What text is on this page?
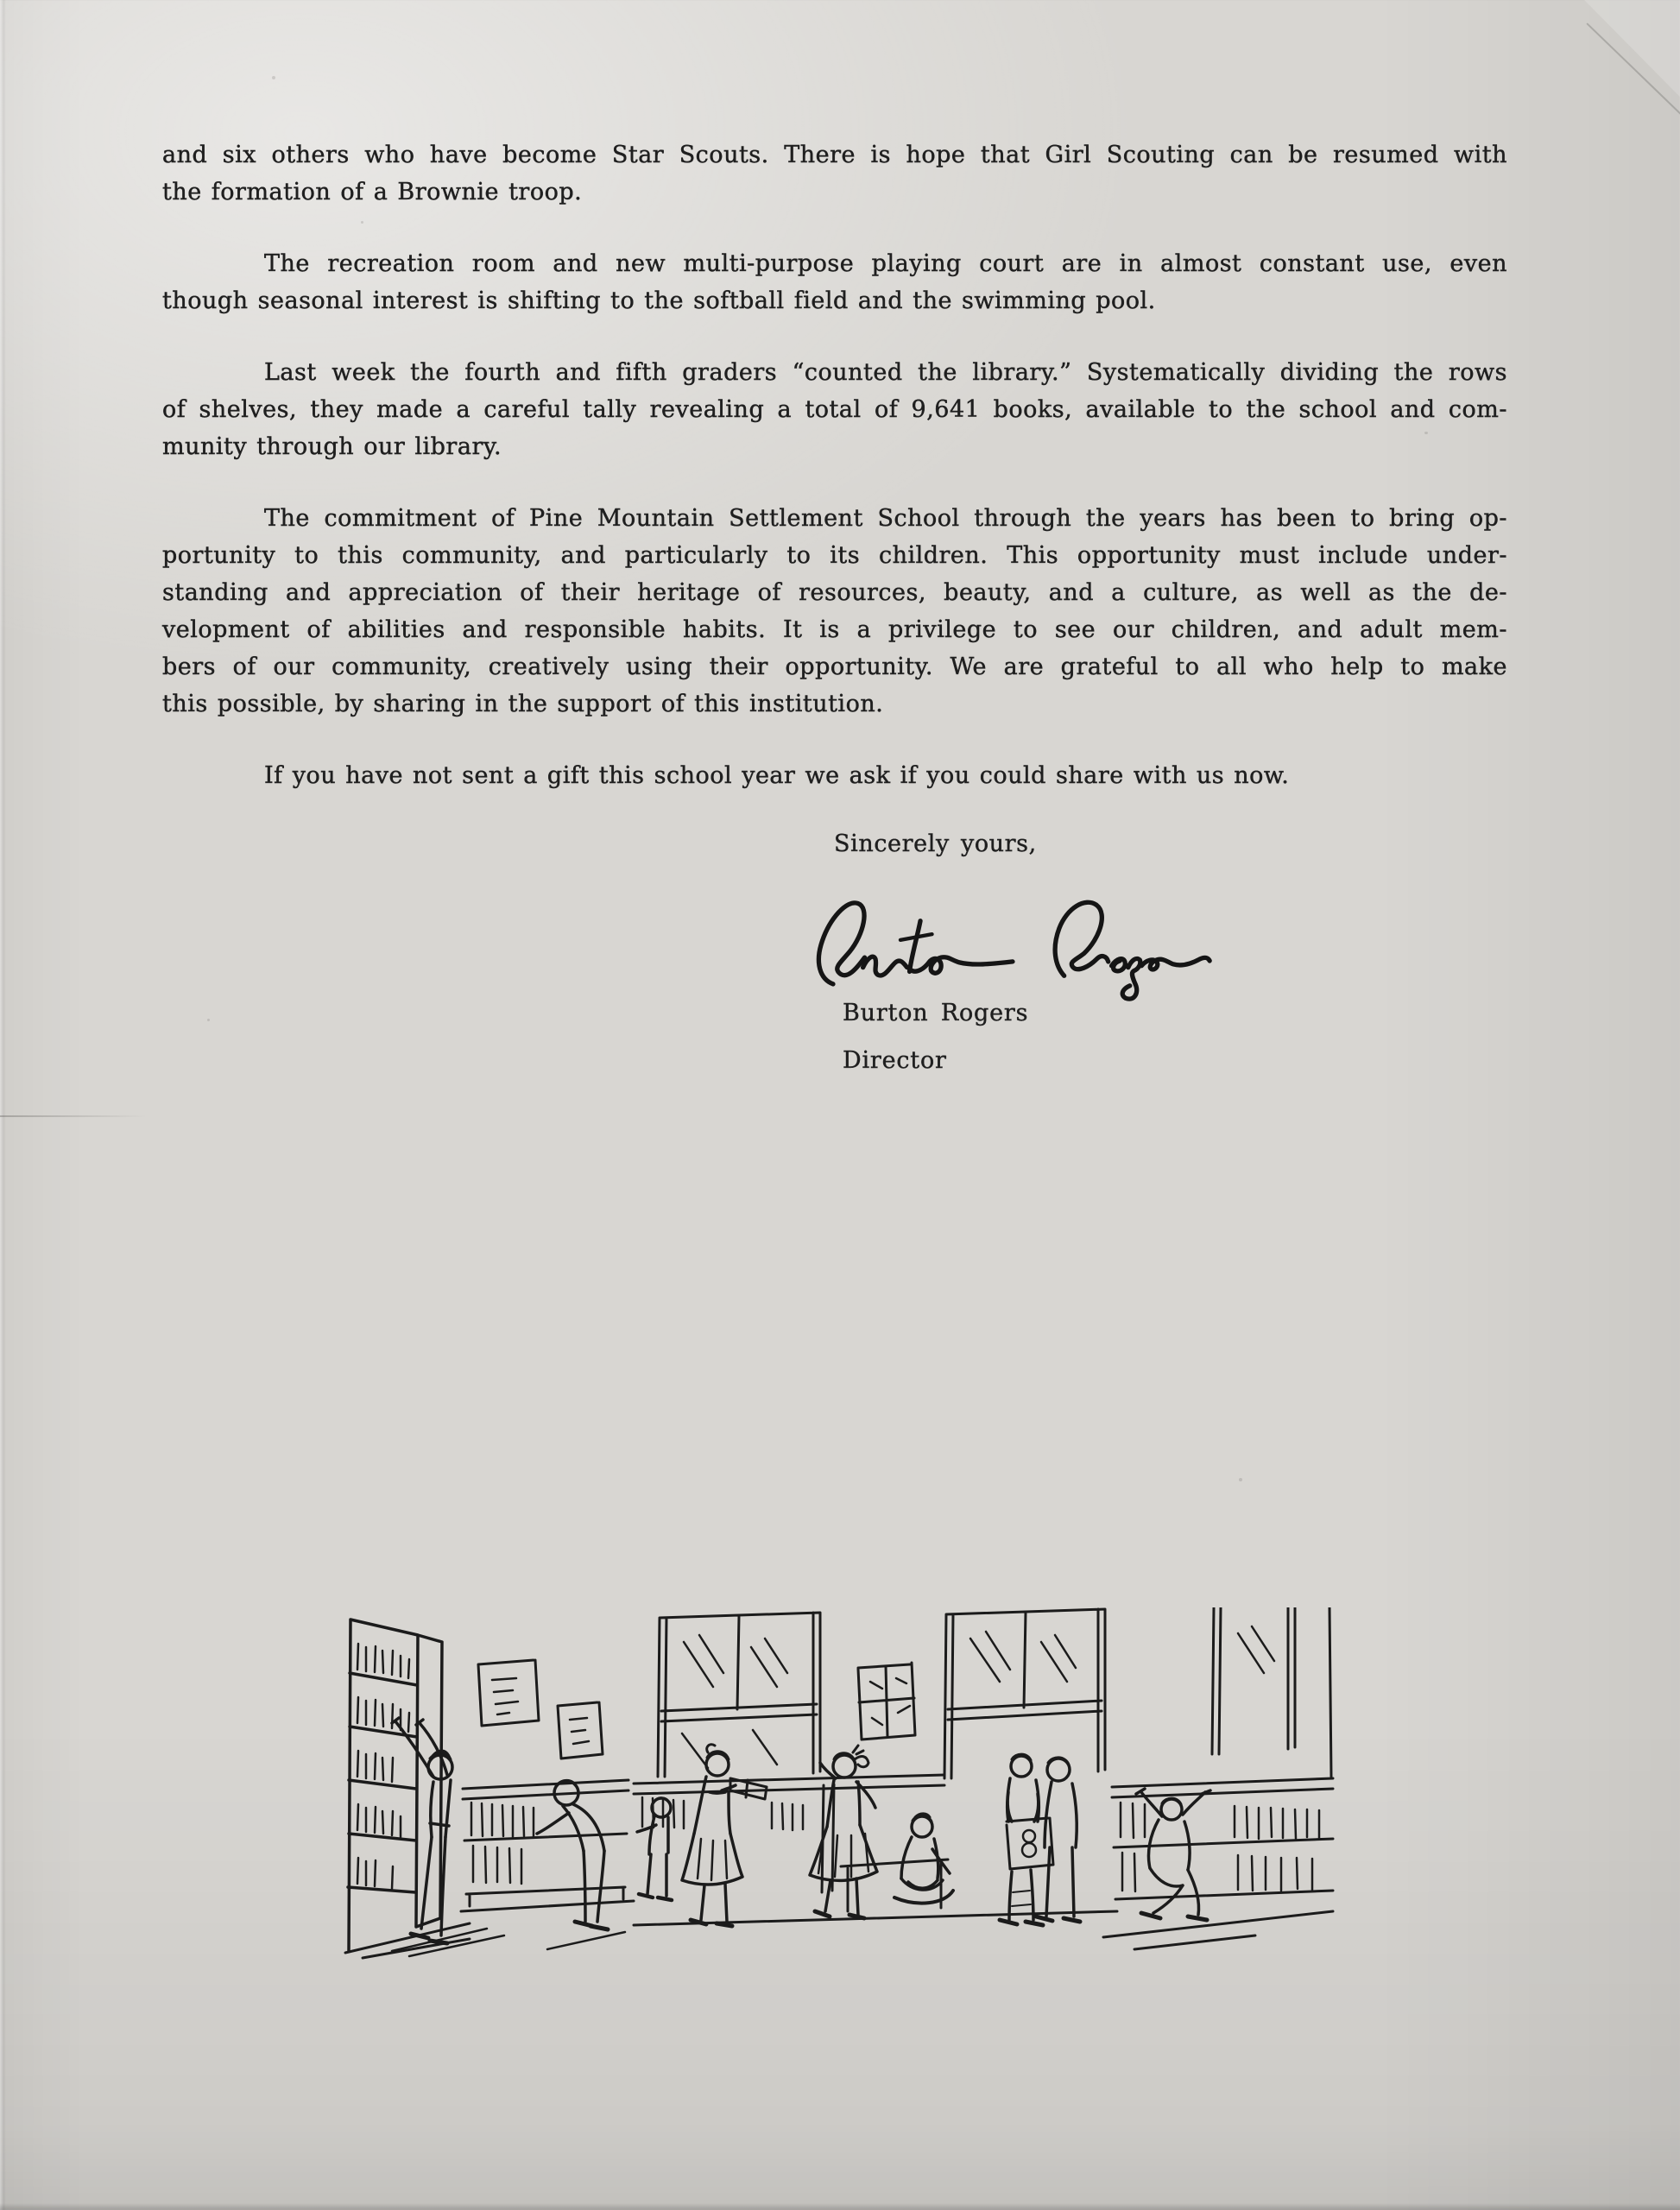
and six others who have become Star Scouts. There is hope that Girl Scouting can be resumed with
the formation of a Brownie troop.
The recreation room and new multi-purpose playing court are in almost constant use, even
though seasonal interest is shifting to the softball field and the swimming pool.
Last week the fourth and fifth graders “counted the library.” Systematically dividing the rows
of shelves, they made a careful tally revealing a total of 9,641 books, available to the school and com-
munity through our library.
The commitment of Pine Mountain Settlement School through the years has been to bring op-
portunity to this community, and particularly to its children. This opportunity must include under-
standing and appreciation of their heritage of resources, beauty, and a culture, as well as the de-
velopment of abilities and responsible habits. It is a privilege to see our children, and adult mem-
bers of our community, creatively using their opportunity. We are grateful to all who help to make
this possible, by sharing in the support of this institution.
If you have not sent a gift this school year we ask if you could share with us now.
Sincerely yours,
Burton Rogers
Director
